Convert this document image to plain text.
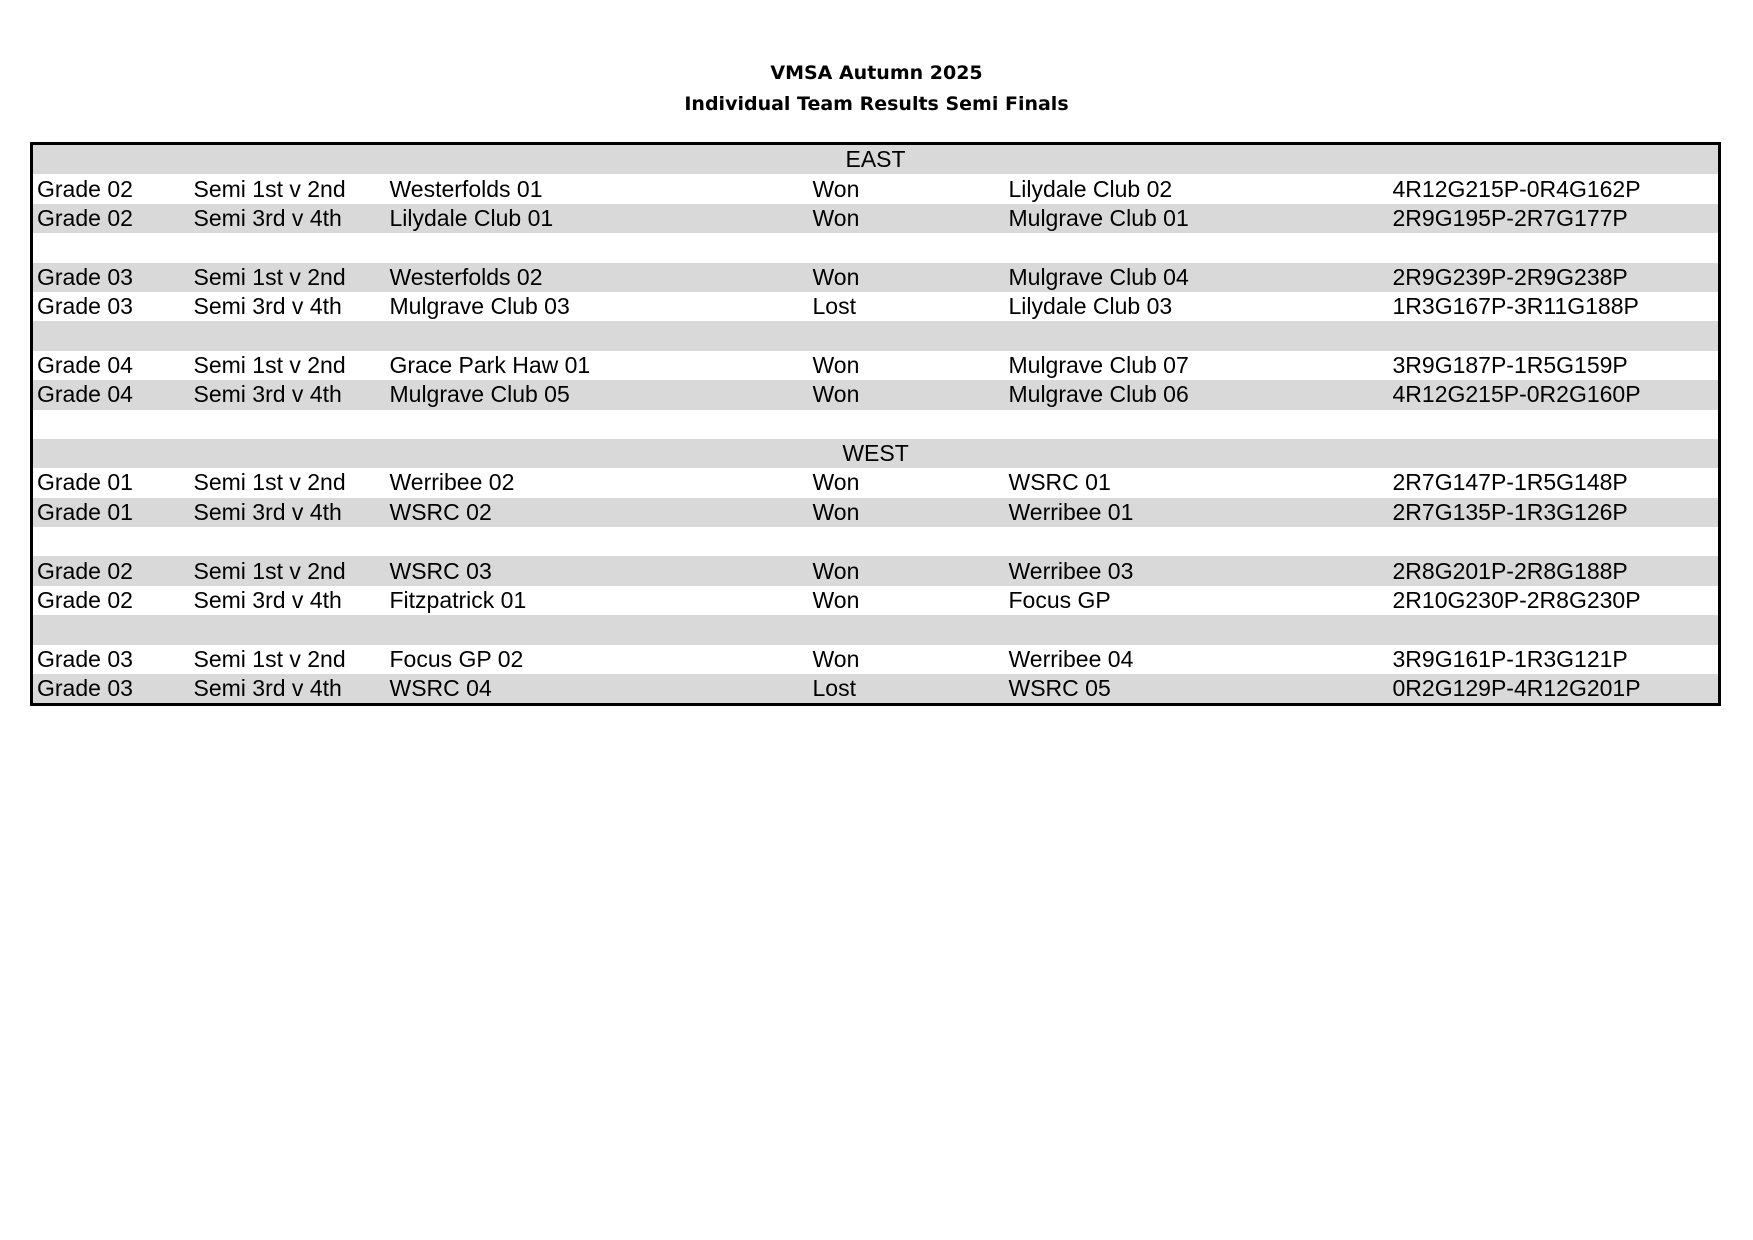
VMSA Autumn 2025
Individual Team Results Semi Finals
EAST					
Grade 02	Semi 1st v 2nd	Westerfolds 01	Won	Lilydale Club 02	4R12G215P-0R4G162P
Grade 02	Semi 3rd v 4th	Lilydale Club 01	Won	Mulgrave Club 01	2R9G195P-2R7G177P

Grade 03	Semi 1st v 2nd	Westerfolds 02	Won	Mulgrave Club 04	2R9G239P-2R9G238P
Grade 03	Semi 3rd v 4th	Mulgrave Club 03	Lost	Lilydale Club 03	1R3G167P-3R11G188P

Grade 04	Semi 1st v 2nd	Grace Park Haw 01	Won	Mulgrave Club 07	3R9G187P-1R5G159P
Grade 04	Semi 3rd v 4th	Mulgrave Club 05	Won	Mulgrave Club 06	4R12G215P-0R2G160P

WEST					
Grade 01	Semi 1st v 2nd	Werribee 02	Won	WSRC 01	2R7G147P-1R5G148P
Grade 01	Semi 3rd v 4th	WSRC 02	Won	Werribee 01	2R7G135P-1R3G126P

Grade 02	Semi 1st v 2nd	WSRC 03	Won	Werribee 03	2R8G201P-2R8G188P
Grade 02	Semi 3rd v 4th	Fitzpatrick 01	Won	Focus GP	2R10G230P-2R8G230P

Grade 03	Semi 1st v 2nd	Focus GP 02	Won	Werribee 04	3R9G161P-1R3G121P
Grade 03	Semi 3rd v 4th	WSRC 04	Lost	WSRC 05	0R2G129P-4R12G201P
